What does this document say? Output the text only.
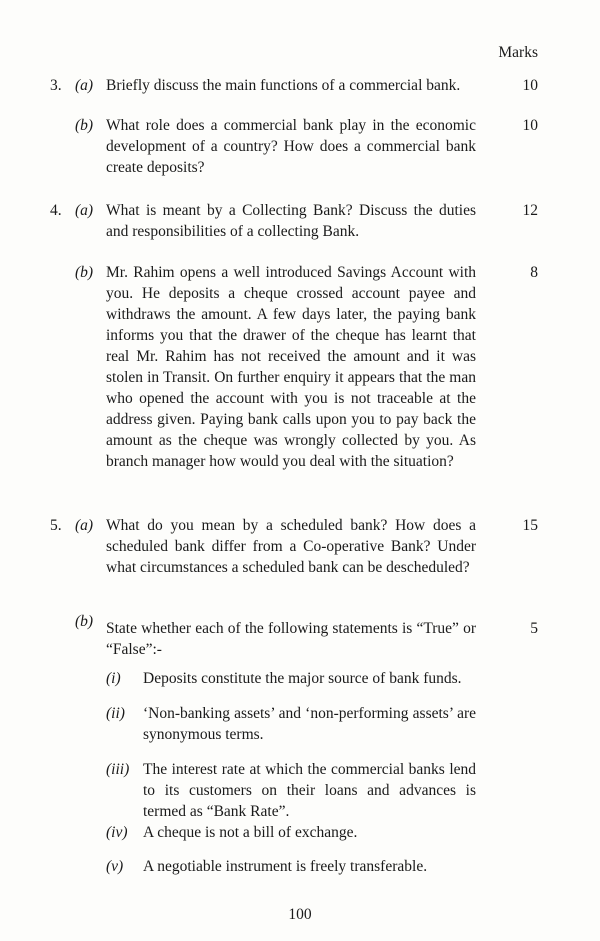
Marks
3. (a) Briefly discuss the main functions of a commercial bank.	10
(b) What role does a commercial bank play in the economic development of a country? How does a commercial bank create deposits?
10
4. (a) What is meant by a Collecting Bank? Discuss the duties and responsibilities of a collecting Bank.
12
(b) Mr. Rahim opens a well introduced Savings Account with you. He deposits a cheque crossed account payee and withdraws the amount. A few days later, the paying bank informs you that the drawer of the cheque has learnt that real Mr. Rahim has not received the amount and it was stolen in Transit. On further enquiry it appears that the man who opened the account with you is not traceable at the address given. Paying bank calls upon you to pay back the amount as the cheque was wrongly collected by you. As branch manager how would you deal with the situation?
8
5. (a) What do you mean by a scheduled bank? How does a scheduled bank differ from a Co-operative Bank? Under what circumstances a scheduled bank can be descheduled?
15
(b) State whether each of the following statements is “True” or “False”:-
5
(i) Deposits constitute the major source of bank funds.
(ii) ‘Non-banking assets’ and ‘non-performing assets’ are synonymous terms.
(iii) The interest rate at which the commercial banks lend to its customers on their loans and advances is termed as “Bank Rate”.
(iv) A cheque is not a bill of exchange.
(v) A negotiable instrument is freely transferable.
100
